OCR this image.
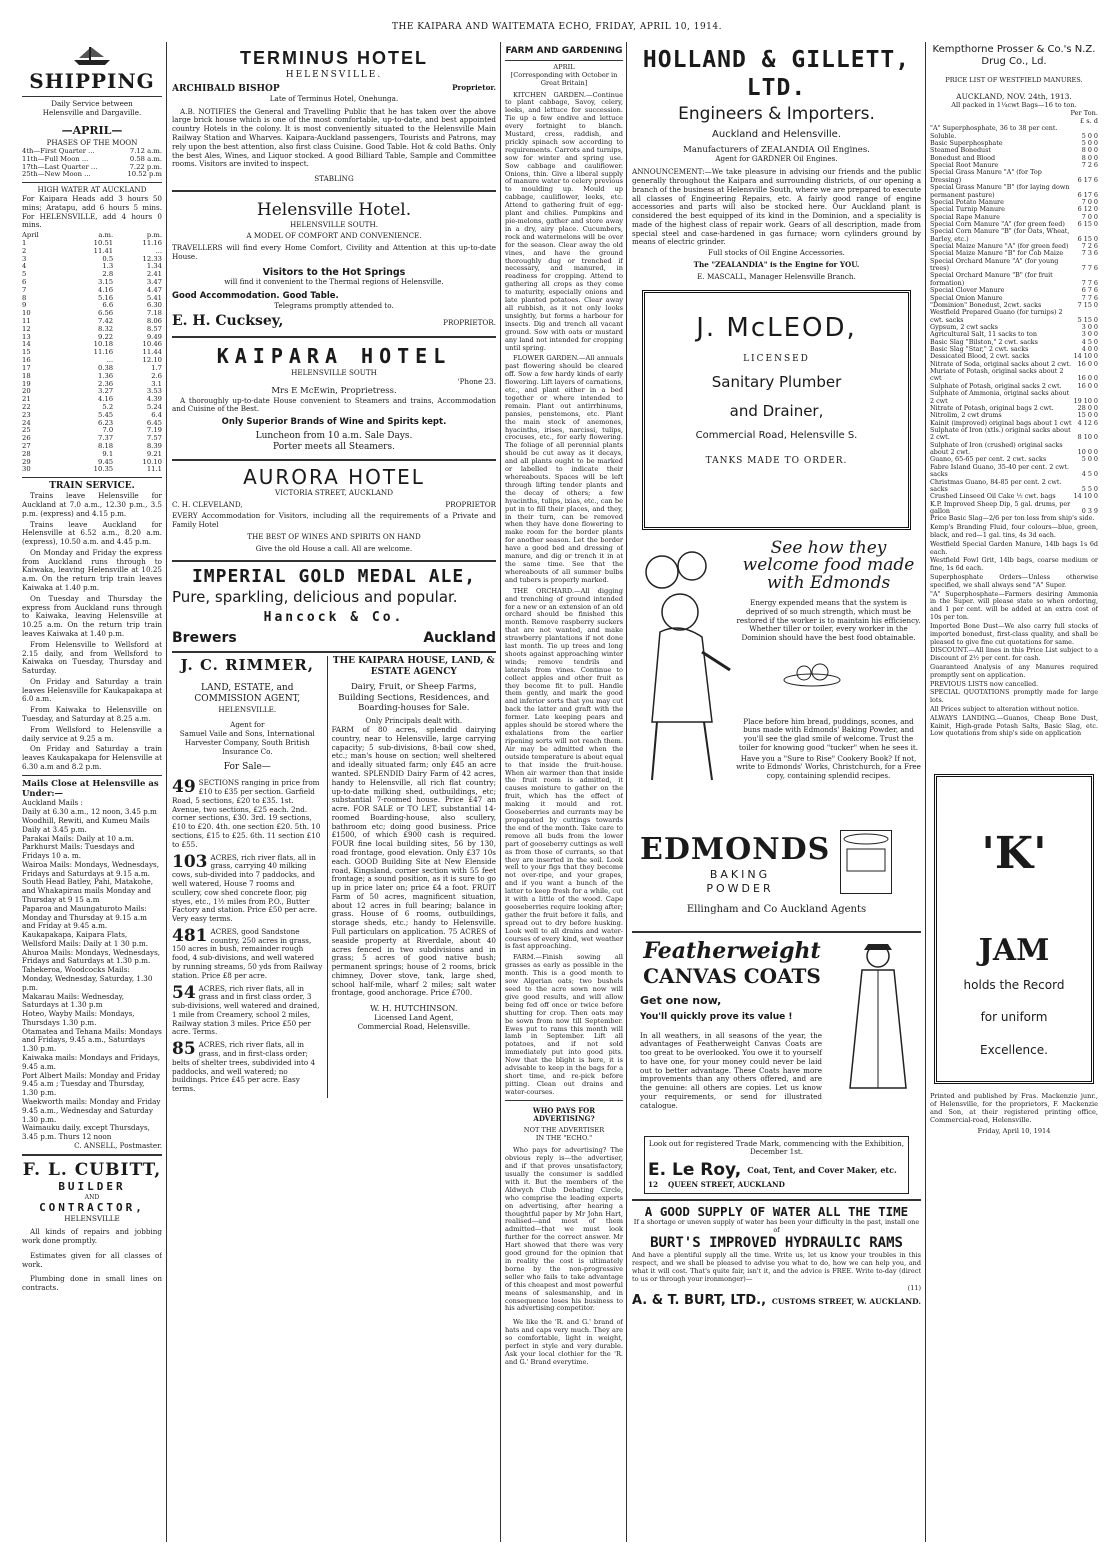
THE KAIPARA AND WAITEMATA ECHO, FRIDAY, APRIL 10, 1914.
SHIPPING
Daily Service between Helensville and Dargaville.
—APRIL—
PHASES OF THE MOON
4th—First Quarter ...	7.12 a.m.
11th—Full Moon ...	0.58 a.m.
17th—Last Quarter ...	7.22 p.m.
25th—New Moon ...	10.52 p.m
HIGH WATER AT AUCKLAND

For Kaipara Heads add 3 hours 50 mins; Aratapu, add 6 hours 5 mins. For HELENSVILLE, add 4 hours 0 mins.

April	a.m.	p.m.
1	10.51	11.16
2	11.41	...
3	0.5	12.33
4	1.3	1.34
5	2.8	2.41
6	3.15	3.47
7	4.16	4.47
8	5.16	5.41
9	6.6	6.30
10	6.56	7.18
11	7.42	8.06
12	8.32	8.57
13	9.22	9.49
14	10.18	10.46
15	11.16	11.44
16	...	12.10
17	0.38	1.7
18	1.36	2.6
19	2.36	3.1
20	3.27	3.53
21	4.16	4.39
22	5.2	5.24
23	5.45	6.4
24	6.23	6.45
25	7.0	7.19
26	7.37	7.57
27	8.18	8.39
28	9.1	9.21
29	9.45	10.10
30	10.35	11.1
TRAIN SERVICE.

Trains leave Helensville for Auckland at 7.0 a.m., 12.30 p.m., 3.5 p.m. (express) and 4.15 p.m.

Trains leave Auckland for Helensville at 6.52 a.m., 8.20 a.m. (express), 10.50 a.m. and 4.45 p.m.

On Monday and Friday the express from Auckland runs through to Kaiwaka, leaving Helensville at 10.25 a.m. On the return trip train leaves Kaiwaka at 1.40 p.m.

On Tuesday and Thursday the express from Auckland runs through to Kaiwaka, leaving Helensville at 10.25 a.m. On the return trip train leaves Kaiwaka at 1.40 p.m.

From Helensville to Wellsford at 2.15 daily, and from Wellsford to Kaiwaka on Tuesday, Thursday and Saturday.

On Friday and Saturday a train leaves Helensville for Kaukapakapa at 6.0 a.m.

From Kaiwaka to Helensville on Tuesday, and Saturday at 8.25 a.m.

From Wellsford to Helensville a daily service at 9.25 a m.

On Friday and Saturday a train leaves Kaukapakapa for Helensville at 6.30 a.m and 8.2 p.m.

Mails Close at Helensville as Under:—
Auckland Mails :
Daily at 6.30 a.m., 12 noon, 3.45 p.m
Woodhill, Rewiti, and Kumeu Mails Daily at 3.45 p.m.
Parakai Mails: Daily at 10 a.m.
Parkhurst Mails: Tuesdays and Fridays 10 a. m.
Wairoa Mails: Mondays, Wednesdays, Fridays and Saturdays at 9.15 a.m.
South Head Batley, Pahi, Matakohe, and Whakapirau mails Monday and Thursday at 9 15 a.m
Paparoa and Maungaturoto Mails: Monday and Thursday at 9.15 a.m and Friday at 9.45 a.m.
Kaukapakapa, Kaipara Flats, Wellsford Mails: Daily at 1 30 p.m.
Ahuroa Mails: Mondays, Wednesdays, Fridays and Saturdays at 1.30 p.m.
Tahekeroa, Woodcocks Mails: Monday, Wednesday, Saturday, 1.30 p.m.
Makarau Mails: Wednesday, Saturdays at 1.30 p.m
Hoteo, Wayby Mails: Mondays, Thursdays 1.30 p.m.
Otamatea and Tehana Mails: Mondays and Fridays, 9.45 a.m., Saturdays 1.30 p.m.
Kaiwaka mails: Mondays and Fridays, 9.45 a.m.
Port Albert Mails: Monday and Friday 9.45 a.m ; Tuesday and Thursday, 1.30 p.m.
Waekworth mails: Monday and Friday 9.45 a.m., Wednesday and Saturday 1.30 p.m.
Waimauku daily, except Thursdays, 3.45 p.m. Thurs 12 noon
C. ANSELL, Postmaster.
F. L. CUBITT,
BUILDER
AND
CONTRACTOR,
HELENSVILLE

All kinds of repairs and jobbing work done promptly.

Estimates given for all classes of work.

Plumbing done in small lines on contracts.

TERMINUS HOTEL
HELENSVILLE.
ARCHIBALD BISHOP	Proprietor.
Late of Terminus Hotel, Onehunga.

A.B. NOTIFIES the General and Travelling Public that he has taken over the above large brick house which is one of the most comfortable, up-to-date, and best appointed country Hotels in the colony. It is most conveniently situated to the Helensville Main Railway Station and Wharves. Kaipara-Auckland passengers, Tourists and Patrons, may rely upon the best attention, also first class Cuisine. Good Table. Hot & cold Baths. Only the best Ales, Wines, and Liquor stocked. A good Billiard Table, Sample and Committee rooms. Visitors are invited to inspect.

STABLING
Helensville Hotel.
HELENSVILLE SOUTH.
A MODEL OF COMFORT AND CONVENIENCE.

TRAVELLERS will find every Home Comfort, Civility and Attention at this up-to-date House.

Visitors to the Hot Springs
will find it convenient to the Thermal regions of Helensville.
Good Accommodation. Good Table.
Telegrams promptly attended to.
E. H. Cucksey,	PROPRIETOR.
KAIPARA HOTEL
HELENSVILLE SOUTH
'Phone 23.
Mrs E McEwin, Proprietress.

A thoroughly up-to-date House convenient to Steamers and trains, Accommodation and Cuisine of the Best.

Only Superior Brands of Wine and Spirits kept.
Luncheon from 10 a.m. Sale Days.
Porter meets all Steamers.
AURORA HOTEL
VICTORIA STREET, AUCKLAND
C. H. CLEVELAND,	PROPRIETOR

EVERY Accommodation for Visitors, including all the requirements of a Private and Family Hotel

THE BEST OF WINES AND SPIRITS ON HAND
Give the old House a call. All are welcome.
IMPERIAL GOLD MEDAL ALE,
Pure, sparkling, delicious and popular.
Hancock & Co.
Brewers	Auckland
J. C. RIMMER,
LAND, ESTATE, and COMMISSION AGENT,
HELENSVILLE.
Agent for
Samuel Vaile and Sons, International Harvester Company, South British Insurance Co.
For Sale—
49 SECTIONS ranging in price from £10 to £35 per section. Garfield Road, 5 sections, £20 to £35. 1st. Avenue, two sections, £25 each. 2nd. corner sections, £30. 3rd. 19 sections, £10 to £20. 4th. one section £20. 5th. 10 sections, £15 to £25. 6th. 11 section £10 to £55.
103 ACRES, rich river flats, all in grass, carrying 40 milking cows, sub-divided into 7 paddocks, and well watered, House 7 rooms and scullery, cow shed concrete floor, pig styes, etc., 1½ miles from P.O., Butter Factory and station. Price £50 per acre. Very easy terms.
481 ACRES, good Sandstone country, 250 acres in grass, 150 acres in bush, remainder rough food, 4 sub-divisions, and well watered by running streams, 50 yds from Railway station. Price £8 per acre.
54 ACRES, rich river flats, all in grass and in first class order, 3 sub-divisions, well watered and drained, 1 mile from Creamery, school 2 miles, Railway station 3 miles. Price £50 per acre. Terms.
85 ACRES, rich river flats, all in grass, and in first-class order; belts of shelter trees, subdivided into 4 paddocks, and well watered; no buildings. Price £45 per acre. Easy terms.
THE KAIPARA HOUSE, LAND, & ESTATE AGENCY
Dairy, Fruit, or Sheep Farms, Building Sections, Residences, and Boarding-houses for Sale.
Only Principals dealt with.

FARM of 80 acres, splendid dairying country, near to Helensville, large carrying capacity; 5 sub-divisions, 8-bail cow shed, etc.; man's house on section; well sheltered and ideally situated farm; only £45 an acre wanted. SPLENDID Dairy Farm of 42 acres, handy to Helensville, all rich flat country; up-to-date milking shed, outbuildings, etc; substantial 7-roomed house. Price £47 an acre. FOR SALE or TO LET, substantial 14-roomed Boarding-house, also scullery, bathroom etc; doing good business. Price £1500, of which £900 cash is required. FOUR fine local building sites, 56 by 130, road frontage, good elevation. Only £37 10s each. GOOD Building Site at New Elenside road, Kingsland, corner section with 55 feet frontage; a sound position, as it is sure to go up in price later on; price £4 a foot. FRUIT Farm of 50 acres, magnificent situation, about 12 acres in full bearing; balance in grass. House of 6 rooms, outbuildings, storage sheds, etc.; handy to Helensville. Full particulars on application. 75 ACRES of seaside property at Riverdale, about 40 acres fenced in two subdivisions and in grass; 5 acres of good native bush; permanent springs; house of 2 rooms, brick chimney, Dover stove, tank, large shed, school half-mile, wharf 2 miles; salt water frontage, good anchorage. Price £700.

W. H. HUTCHINSON.
Licensed Land Agent,
Commercial Road, Helensville.
FARM AND GARDENING
APRIL
[Corresponding with October in Great Britain]

KITCHEN GARDEN.—Continue to plant cabbage, Savoy, celery, leeks, and lettuce for succession. Tie up a few endive and lettuce every fortnight to blanch. Mustard, cress, raddish, and prickly spinach sow according to requirements. Carrots and turnips, sow for winter and spring use. Sow cabbage and cauliflower. Onions, thin. Give a liberal supply of manure water to celery previous to moulding up. Mould up cabbage, cauliflower, leeks, etc. Attend to gathering fruit of egg-plant and chilies. Pumpkins and pie-melons, gather and store away in a dry, airy place. Cucumbers, rock and watermelons will be over for the season. Clear away the old vines, and have the ground thoroughly dug or trenched if necessary, and manured, in readiness for cropping. Attend to gathering all crops as they come to maturity, especially onions and late planted potatoes. Clear away all rubbish, as it not only looks unsightly, but forms a harbour for insects. Dig and trench all vacant ground. Sow with oats or mustard any land not intended for cropping until spring.

FLOWER GARDEN.—All annuals past flowering should be cleared off. Sow a few hardy kinds of early flowering. Lift layers of carnations, etc., and plant either in a bed together or where intended to remain. Plant out antirrhinums, pansies, penstemons, etc. Plant the main stock of anemones, hyacinths, irises, narcissi, tulips, crocuses, etc., for early flowering. The foliage of all perennial plants should be cut away as it decays, and all plants ought to be marked or labelled to indicate their whereabouts. Spaces will be left through lifting tender plants and the decay of others; a few hyacinths, tulips, ixias, etc., can be put in to fill their places, and they, in their turn, can be removed when they have done flowering to make room for the border plants for another season. Let the border have a good bed and dressing of manure, and dig or trench it in at the same time. See that the whereabouts of all summer bulbs and tubers is properly marked.

THE ORCHARD.—All digging and trenching of ground intended for a new or an extension of an old orchard should be finished this month. Remove raspberry suckers that are not wanted, and make strawberry plantations if not done last month. Tie up trees and long shoots against approaching winter winds; remove tendrils and laterals from vines. Continue to collect apples and other fruit as they become fit to pull. Handle them gently, and mark the good and inferior sorts that you may cut back the latter and graft with the former. Late keeping pears and apples should be stored where the exhalations from the earlier ripening sorts will not reach them. Air may be admitted when the outside temperature is about equal to that inside the fruit-house. When air warmer than that inside the fruit room is admitted, it causes moisture to gather on the fruit, which has the effect of making it mould and rot. Gooseberries and currants may be propagated by cuttings towards the end of the month. Take care to remove all buds from the lower part of gooseberry cuttings as well as from those of currants, so that they are inserted in the soil. Look well to your figs that they become not over-ripe, and your grapes, and if you want a bunch of the latter to keep fresh for a while, cut it with a little of the wood. Cape gooseberries require looking after; gather the fruit before it falls, and spread out to dry before husking. Look well to all drains and water-courses of every kind, wet weather is fast approaching.

FARM.—Finish sowing all grasses as early as possible in the month. This is a good month to sow Algerian oats; two bushels seed to the acre sown now will give good results, and will allow being fed off once or twice before shutting for crop. Then oats may be sown from now till September. Ewes put to rams this month will lamb in September. Lift all potatoes, and if not sold immediately put into good pits. Now that the blight is here, it is advisable to keep in the bags for a short time, and re-pick before pitting. Clean out drains and water-courses.

WHO PAYS FOR ADVERTISING?
NOT THE ADVERTISER
IN THE "ECHO."

Who pays for advertising? The obvious reply is—the advertiser, and if that proves unsatisfactory, usually the consumer is saddled with it. But the members of the Aldwych Club Debating Circle, who comprise the leading experts on advertising, after hearing a thoughtful paper by Mr John Hart, realised—and most of them admitted—that we must look further for the correct answer. Mr Hart showed that there was very good ground for the opinion that in reality the cost is ultimately borne by the non-progressive seller who fails to take advantage of this cheapest and most powerful means of salesmanship, and in consequence loses his business to his advertising competitor.

We like the 'R. and G.' brand of hats and caps very much. They are so comfortable, light in weight, perfect in style and very durable. Ask your local clothier for the 'R. and G.' Brand everytime.

HOLLAND & GILLETT, LTD.
Engineers & Importers.
Auckland and Helensville.
Manufacturers of ZEALANDIA Oil Engines.
Agent for GARDNER Oil Engines.

ANNOUNCEMENT:—We take pleasure in advising our friends and the public generally throughout the Kaipara and surrounding districts, of our opening a branch of the business at Helensville South, where we are prepared to execute all classes of Engineering Repairs, etc. A fairly good range of engine accessories and parts will also be stocked here. Our Auckland plant is considered the best equipped of its kind in the Dominion, and a speciality is made of the highest class of repair work. Gears of all description, made from special steel and case-hardened in gas furnace; worn cylinders ground by means of electric grinder.

Full stocks of Oil Engine Accessories.
The "ZEALANDIA" is the Engine for YOU.
E. MASCALL, Manager Helensville Branch.
J. McLEOD,
LICENSED
Sanitary Plumber
and Drainer,
Commercial Road, Helensville S.
TANKS MADE TO ORDER.
See how they welcome food made with Edmonds

Energy expended means that the system is deprived of so much strength, which must be restored if the worker is to maintain his efficiency. Whether tiller or toiler, every worker in the Dominion should have the best food obtainable.

Place before him bread, puddings, scones, and buns made with Edmonds' Baking Powder, and you'll see the glad smile of welcome. Trust the toiler for knowing good "tucker" when he sees it.

Have you a "Sure to Rise" Cookery Book? If not, write to Edmonds' Works, Christchurch, for a Free copy, containing splendid recipes.

EDMONDS
BAKING
POWDER
Ellingham and Co Auckland Agents
Featherweight
CANVAS COATS
Get one now,
You'll quickly prove its value !

In all weathers, in all seasons of the year, the advantages of Featherweight Canvas Coats are too great to be overlooked. You owe it to yourself to have one, for your money could never be laid out to better advantage. These Coats have more improvements than any others offered, and are the genuine: all others are copies. Let us know your requirements, or send for illustrated catalogue.

Look out for registered Trade Mark, commencing with the Exhibition, December 1st.
E. Le Roy, Coat, Tent, and Cover Maker, etc.
12 QUEEN STREET, AUCKLAND
A GOOD SUPPLY OF WATER ALL THE TIME
If a shortage or uneven supply of water has been your difficulty in the past, install one of
BURT'S IMPROVED HYDRAULIC RAMS

And have a plentiful supply all the time. Write us, let us know your troubles in this respect, and we shall be pleased to advise you what to do, how we can help you, and what it will cost. That's quite fair, isn't it, and the advice is FREE. Write to-day (direct to us or through your ironmonger)—

(11)
A. & T. BURT, LTD., CUSTOMS STREET, W. AUCKLAND.
Kempthorne Prosser & Co.'s N.Z. Drug Co., Ld.
PRICE LIST OF WESTFIELD MANURES.
AUCKLAND, NOV. 24th, 1913.
All packed in 1¼cwt Bags—16 to ton.
Per Ton.
£ s. d
"A" Superphosphate, 36 to 38 per cent. Soluble.	5 0 0
Basic Superphosphate	5 0 0
Steamed Bonedust	8 0 0
Bonedust and Blood	8 0 0
Special Root Manure	7 2 6
Special Grass Manure "A" (for Top Dressing)	6 17 6
Special Grass Manure "B" (for laying down permanent pasture)	6 17 6
Special Potato Manure	7 0 0
Special Turnip Manure	6 12 0
Special Rape Manure	7 0 0
Special Corn Manure "A" (for green feed)	6 15 0
Special Corn Manure "B" (for Oats, Wheat, Barley, etc.)	6 15 0
Special Maize Manure "A" (for green feed)	7 2 6
Special Maize Manure "B" for Cob Maize	7 3 6
Special Orchard Manure "A" (for young trees)	7 7 6
Special Orchard Manure "B" (for fruit formation)	7 7 6
Special Clover Manure	6 7 6
Special Onion Manure	7 7 6
"Dominion" Bonedust, 2cwt. sacks	7 15 0
Westfield Prepared Guano (for turnips) 2 cwt. sacks	5 15 0
Gypsum, 2 cwt sacks	3 0 0
Agricultural Salt, 11 sacks to ton	3 0 0
Basic Slag "Bilston," 2 cwt. sacks	4 5 0
Basic Slag "Star," 2 cwt. sacks	4 0 0
Dessicated Blood, 2 cwt. sacks	14 10 0
Nitrate of Soda, original sacks about 2 cwt.	16 0 0
Muriate of Potash, original sacks about 2 cwt	16 0 0
Sulphate of Potash, original sacks 2 cwt.	16 0 0
Sulphate of Ammonia, original sacks about 2 cwt	19 10 0
Nitrate of Potash, original bags 2 cwt.	28 0 0
Nitrolim, 2 cwt drums	15 0 0
Kainit (improved) original bags about 1 cwt	4 12 6
Sulphate of Iron (xtls.) original sacks about 2 cwt.	8 10 0
Sulphate of Iron (crushed) original sacks about 2 cwt.	10 0 0
Guano, 65-65 per cent. 2 cwt. sacks	5 0 0
Fabre Island Guano, 35-40 per cent. 2 cwt. sacks	4 5 0
Christmas Guano, 84-85 per cent. 2 cwt. sacks	5 5 0
Crushed Linseed Oil Cake ½ cwt. bags	14 10 0
K.P. Improved Sheep Dip, 5 gal. drums, per gallon	0 3 9

Price Basic Slag—2/6 per ton less from ship's side.

Kemp's Branding Fluid, four colours—blue, green, black, and red—1 gal. tins, 4s 3d each.

Westfield Special Garden Manure, 14lb bags 1s 6d each.

Westfield Fowl Grit, 14lb bags, coarse medium or fine, 1s 6d each.

Superphosphate Orders—Unless otherwise specified, we shall always send "A" Super.

"A" Superphosphate—Farmers desiring Ammonia in the Super. will please state so when ordering, and 1 per cent. will be added at an extra cost of 10s per ton.

Imported Bone Dust—We also carry full stocks of imported bonedust, first-class quality, and shall be pleased to give fine cut quotations for same.

DISCOUNT.—All lines in this Price List subject to a Discount of 2½ per cent. for cash.

Guaranteed Analysis of any Manures required promptly sent on application.

PREVIOUS LISTS now cancelled.

SPECIAL QUOTATIONS promptly made for large lots.

All Prices subject to alteration without notice.

ALWAYS LANDING.—Guanos, Cheap Bone Dust, Kainit, High-grade Potash Salts, Basic Slag, etc. Low quotations from ship's side on application

'K'
JAM
holds the Record
for uniform
Excellence.

Printed and published by Fras. Mackenzie junr., of Helensville, for the proprietors, F. Mackenzie and Son, at their registered printing office, Commercial-road, Helensville.

Friday, April 10, 1914
